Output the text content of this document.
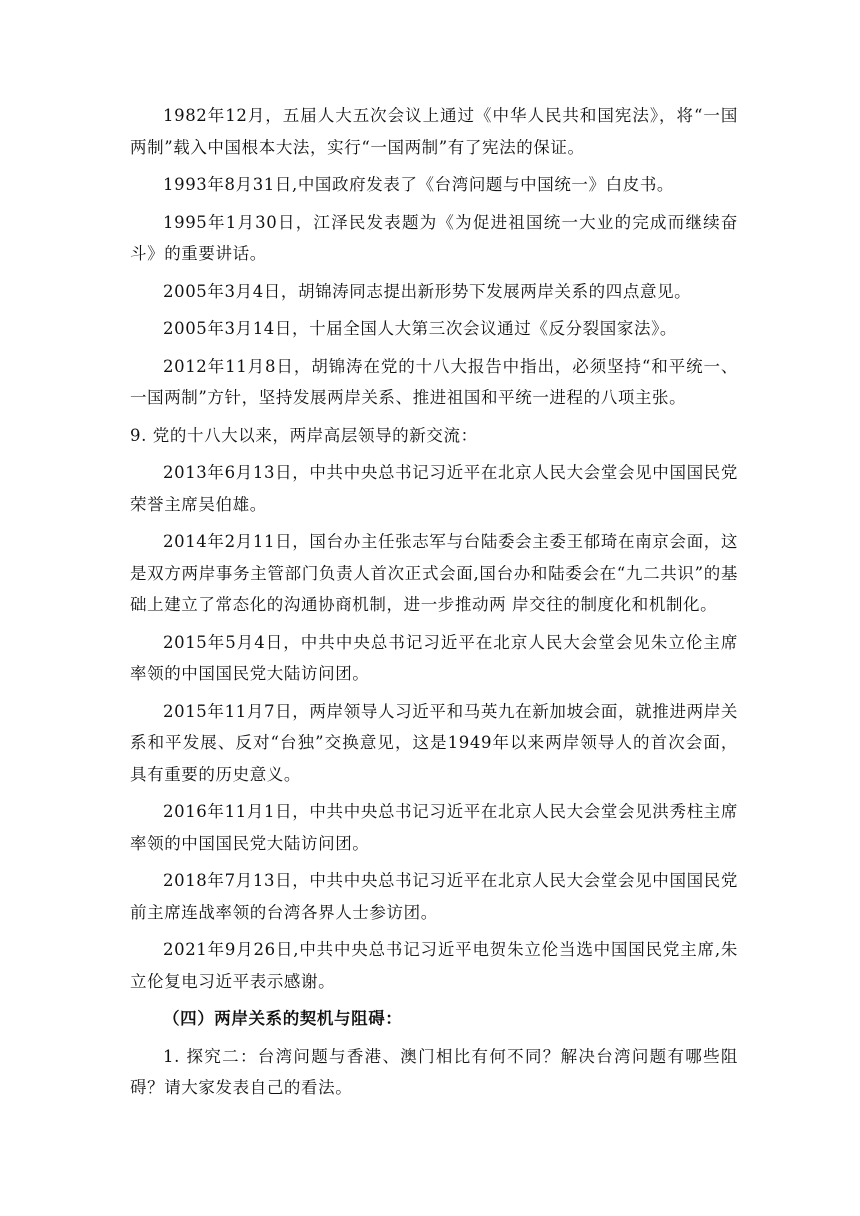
1982年12月，五届人大五次会议上通过《中华人民共和国宪法》，将“一国两制”载入中国根本大法，实行“一国两制”有了宪法的保证。

1993年8月31日,中国政府发表了《台湾问题与中国统一》白皮书。

1995年1月30日，江泽民发表题为《为促进祖国统一大业的完成而继续奋斗》的重要讲话。

2005年3月4日，胡锦涛同志提出新形势下发展两岸关系的四点意见。

2005年3月14日，十届全国人大第三次会议通过《反分裂国家法》。

2012年11月8日，胡锦涛在党的十八大报告中指出，必须坚持“和平统一、一国两制”方针，坚持发展两岸关系、推进祖国和平统一进程的八项主张。

9. 党的十八大以来，两岸高层领导的新交流：

2013年6月13日，中共中央总书记习近平在北京人民大会堂会见中国国民党荣誉主席吴伯雄。

2014年2月11日，国台办主任张志军与台陆委会主委王郁琦在南京会面，这是双方两岸事务主管部门负责人首次正式会面,国台办和陆委会在“九二共识”的基础上建立了常态化的沟通协商机制，进一步推动两 岸交往的制度化和机制化。

2015年5月4日，中共中央总书记习近平在北京人民大会堂会见朱立伦主席率领的中国国民党大陆访问团。

2015年11月7日，两岸领导人习近平和马英九在新加坡会面，就推进两岸关系和平发展、反对“台独”交换意见，这是1949年以来两岸领导人的首次会面，具有重要的历史意义。

2016年11月1日，中共中央总书记习近平在北京人民大会堂会见洪秀柱主席率领的中国国民党大陆访问团。

2018年7月13日，中共中央总书记习近平在北京人民大会堂会见中国国民党前主席连战率领的台湾各界人士参访团。

2021年9月26日,中共中央总书记习近平电贺朱立伦当选中国国民党主席,朱立伦复电习近平表示感谢。

（四）两岸关系的契机与阻碍：

1. 探究二：台湾问题与香港、澳门相比有何不同？解决台湾问题有哪些阻碍？请大家发表自己的看法。
